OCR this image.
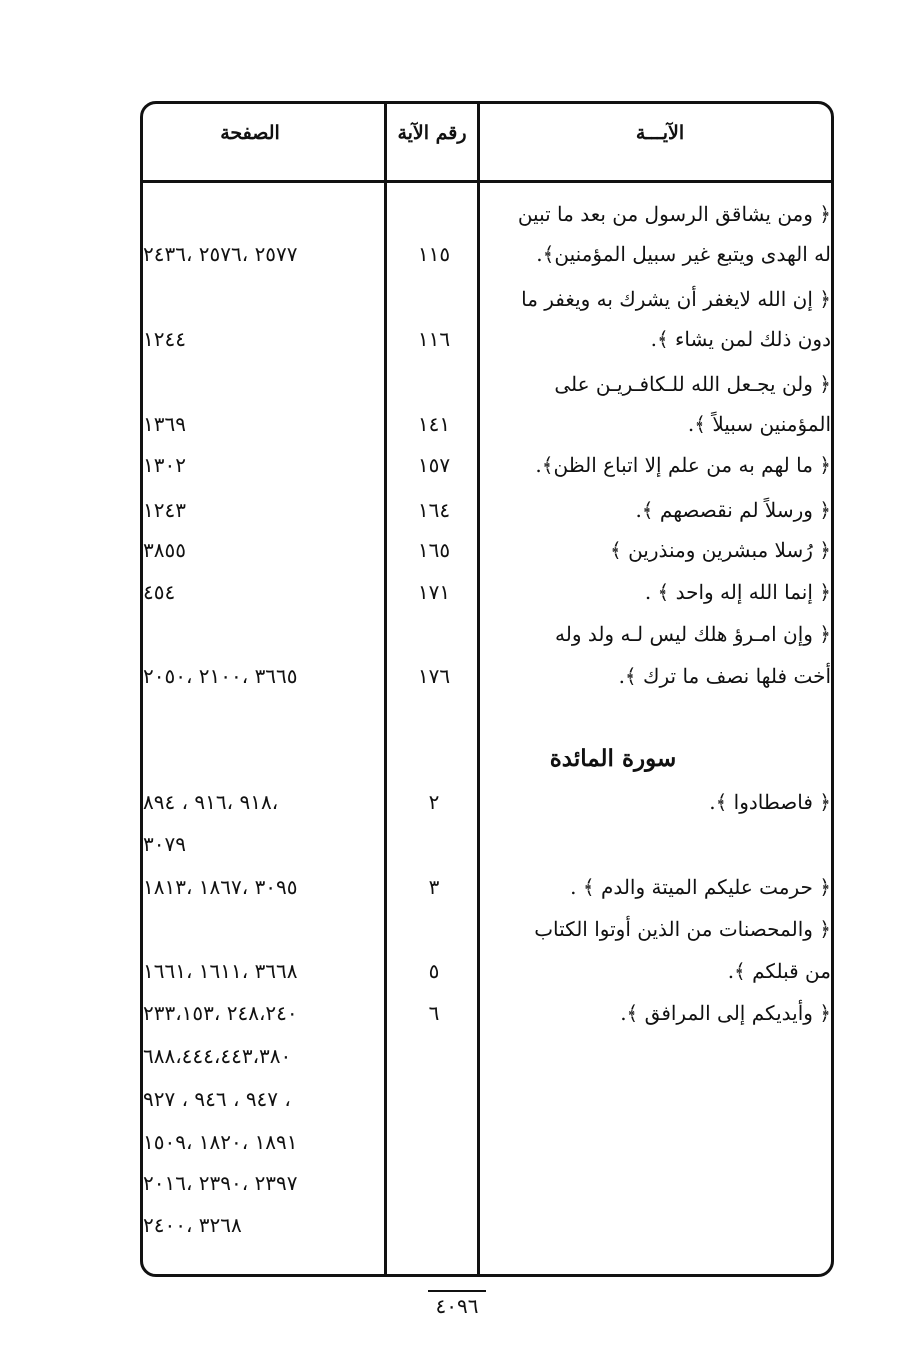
الآيـــة
رقم الآية
الصفحة
﴿ ومن يشاقق الرسول من بعد ما تبين
له الهدى ويتبع غير سبيل المؤمنين﴾.
﴿ إن الله لايغفر أن يشرك به ويغفر ما
دون ذلك لمن يشاء ﴾.
﴿ ولن يجـعل الله للـكافـريـن على
المؤمنين سبيلاً ﴾.
﴿ ما لهم به من علم إلا اتباع الظن﴾.
﴿ ورسلاً لم نقصصهم ﴾.
﴿ رُسلا مبشرين ومنذرين ﴾
﴿ إنما الله إله واحد ﴾ .
﴿ وإن امـرؤ هلك ليس لـه ولد وله
أخت فلها نصف ما ترك ﴾.
سورة المائدة
﴿ فاصطادوا ﴾.
﴿ حرمت عليكم الميتة والدم ﴾ .
﴿ والمحصنات من الذين أوتوا الكتاب
من قبلكم ﴾.
﴿ وأيديكم إلى المرافق ﴾.
١١٥
١١٦
١٤١
١٥٧
١٦٤
١٦٥
١٧١
١٧٦
٢
٣
٥
٦
٢٥٧٧ ،٢٥٧٦ ،٢٤٣٦
١٢٤٤
١٣٦٩
١٣٠٢
١٢٤٣
٣٨٥٥
٤٥٤
٣٦٦٥ ،٢١٠٠ ،٢٠٥٠
،٩١٨ ،٩١٦ ، ٨٩٤
٣٠٧٩
٣٠٩٥ ،١٨٦٧ ،١٨١٣
٣٦٦٨ ،١٦١١ ،١٦٦١
٢٤٨،٢٤٠ ،٢٣٣،١٥٣
٦٨٨،٤٤٤،٤٤٣،٣٨٠
، ٩٤٧ ، ٩٤٦ ، ٩٢٧
١٨٩١ ،١٨٢٠ ،١٥٠٩
٢٣٩٧ ،٢٣٩٠ ،٢٠١٦
٣٢٦٨ ،٢٤٠٠
٤٠٩٦
